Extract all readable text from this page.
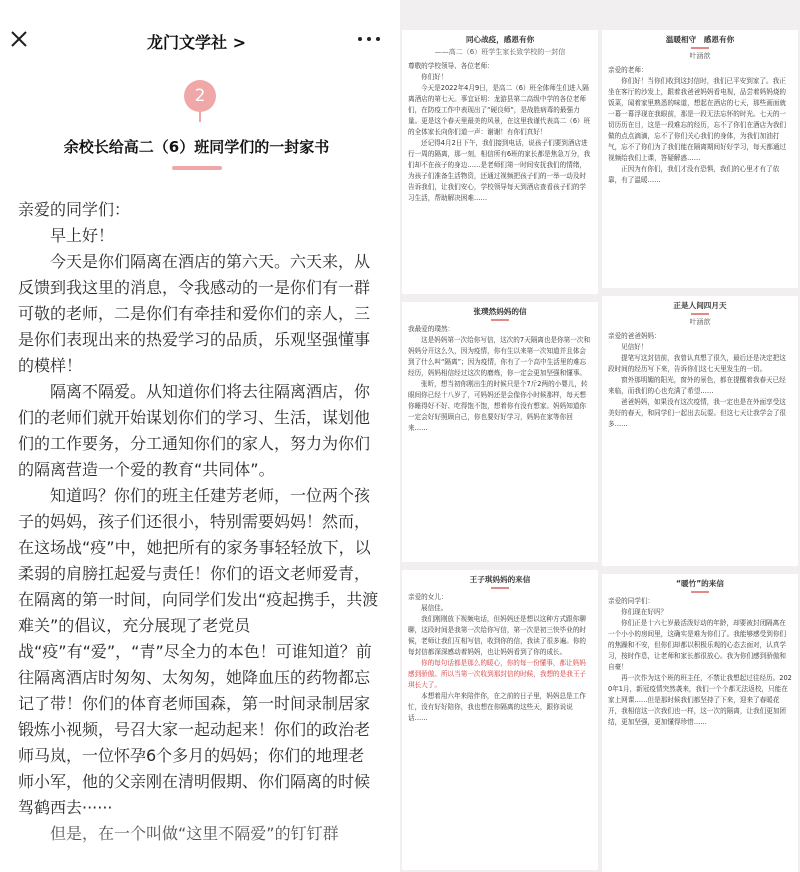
龙门文学社 >
2
余校长给高二（6）班同学们的一封家书

亲爱的同学们：

早上好！

今天是你们隔离在酒店的第六天。六天来，从反馈到我这里的消息，令我感动的一是你们有一群可敬的老师，二是你们有牵挂和爱你们的亲人，三是你们表现出来的热爱学习的品质，乐观坚强懂事的模样！

隔离不隔爱。从知道你们将去往隔离酒店，你们的老师们就开始谋划你们的学习、生活，谋划他们的工作要务，分工通知你们的家人，努力为你们的隔离营造一个爱的教育“共同体”。

知道吗？你们的班主任建芳老师，一位两个孩子的妈妈，孩子们还很小，特别需要妈妈！然而，在这场战“疫”中，她把所有的家务事轻轻放下，以柔弱的肩膀扛起爱与责任！你们的语文老师爱青，在隔离的第一时间，向同学们发出“疫起携手，共渡难关”的倡议，充分展现了老党员战“疫”有“爱”，“青”尽全力的本色！可谁知道？前往隔离酒店时匆匆、太匆匆，她降血压的药物都忘记了带！你们的体育老师国森，第一时间录制居家锻炼小视频，号召大家一起动起来！你们的政治老师马岚，一位怀孕6个多月的妈妈；你们的地理老师小军，他的父亲刚在清明假期、你们隔离的时候驾鹤西去······

但是，在一个叫做“这里不隔爱”的钉钉群

同心战疫，感恩有你
——高二（6）班学生家长致学校的一封信

尊敬的学校领导、各位老师：

你们好！

今天是2022年4月9日，是高二（6）班全体师生们进入隔离酒店的第七天。事宜证明：龙游县第二高级中学的各位老师们，在防疫工作中表现出了“硬良师”，是战胜病毒的最强力量。更是这个春天里最美的风景，在这里我谨代表高二（6）班的全体家长向你们道一声：谢谢！有你们真好！

还记得4月2日下午，我们接到电话，说孩子们要到酒店进行一周的隔离，那一刻，相信所有6班的家长都是焦急万分，我们却不在孩子的身边……是老师们第一时间安抚我们的情绪，为孩子们准备生活物资，还通过视频把孩子们的一举一动及时告诉我们，让我们安心，学校领导每天到酒店查看孩子们的学习生活，帮助解决困难……

张璞然妈妈的信

我最爱的璞然：

这是妈妈第一次给你写信，这次的7天隔离也是你第一次和妈妈分开这么久，因为疫情，你有生以来第一次知道并且体会到了什么叫“隔离”；因为疫情，你有了一个高中生活里的难忘经历，妈妈相信经过这次的磨炼，你一定会更加坚强和懂事。

张昕，想当初你刚出生的时候只是个7斤2两的小婴儿，转眼间你已经十八岁了，可妈妈还是会像你小时候那样，每天想你睡得好不好、吃得饱不饱，想着你有没有想家。妈妈知道你一定会好好照顾自己，你也要好好学习，妈妈在家等你回来……

王子琪妈妈的来信

亲爱的女儿：

展信佳。

我们刚刚放下视频电话，但妈妈还是想以这种方式跟你聊聊，这段时间是我第一次给你写信，第一次是初三快毕业的时候，老师让我们互相写信，收到你的信，我读了很多遍。你的每封信都深深感动着妈妈，也让妈妈看到了你的成长。

你的每句话都是那么的暖心，你的每一份懂事，都让妈妈感到骄傲。所以当第一次收到那封信的时候，我想的是我王子琪长大了。

本想着用六年来陪伴你，在之前的日子里，妈妈总是工作忙，没有好好陪你，我也想在你隔离的这些天，跟你说说话……

温暖相守　感恩有你
叶涵歆

亲爱的老师：

你们好！当你们收到这封信时，我们已平安到家了。我正坐在客厅的沙发上，跟着我爸爸妈妈看电视，品尝着妈妈烧的饭菜，闻着家里熟悉的味道，想起在酒店的七天，那些画面就一幕一幕浮现在我眼前，那是一段无法忘怀的时光。七天的一切历历在目，这是一段难忘的经历，忘不了你们在酒店为我们做的点点滴滴，忘不了你们关心我们的身体，为我们加油打气，忘不了你们为了我们能在隔离期间好好学习，每天都通过视频给我们上课，答疑解惑……

正因为有你们，我们才没有恐惧，我们的心里才有了依靠，有了温暖……

正是人间四月天
叶涵歆

亲爱的爸爸妈妈：

见信好！

提笔写这封信前，我曾认真想了很久，最后还是决定把这段时间的经历写下来，告诉你们这七天里发生的一切。

窗外那明媚的阳光，窗外的景色，都在提醒着我春天已经来临，而我们的心也充满了希望……

爸爸妈妈，如果没有这次疫情，我一定也是在外面享受这美好的春天，和同学们一起出去玩耍。但这七天让我学会了很多……

“暖竹”的来信

亲爱的同学们：

你们现在好吗？

你们正是十六七岁最活泼好动的年龄，却要被封闭隔离在一个小小的房间里，这确实是难为你们了。我能够感受到你们的焦躁和不安，但你们却都以积极乐观的心态去面对，认真学习，按时作息，让老师和家长都很放心。我为你们感到骄傲和自豪！

再一次作为这个班的班主任，不禁让我想起过往经历。2020年1月，新冠疫情突然袭来，我们一个个都无法返校，只能在家上网课……但是那时候我们都坚持了下来，迎来了春暖花开，我相信这一次我们也一样，这一次的隔离，让我们更加团结，更加坚强，更加懂得珍惜……
